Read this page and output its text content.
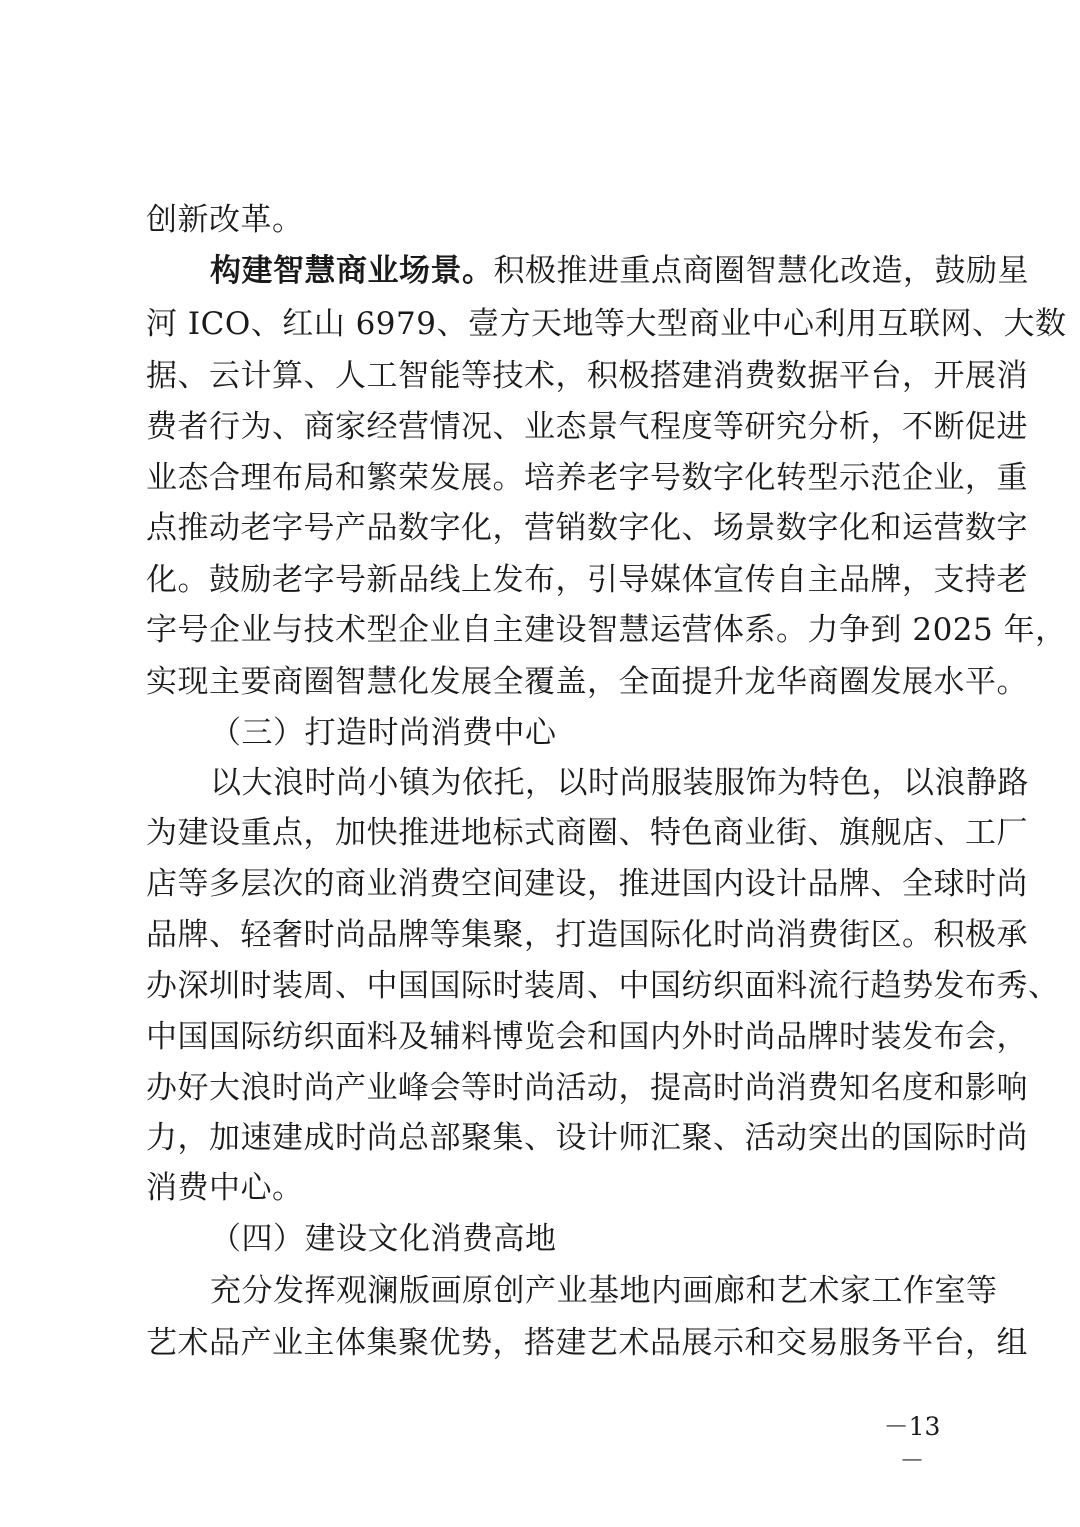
创新改革。
构建智慧商业场景。积极推进重点商圈智慧化改造，鼓励星
河 ICO、红山 6979、壹方天地等大型商业中心利用互联网、大数
据、云计算、人工智能等技术，积极搭建消费数据平台，开展消
费者行为、商家经营情况、业态景气程度等研究分析，不断促进
业态合理布局和繁荣发展。培养老字号数字化转型示范企业，重
点推动老字号产品数字化，营销数字化、场景数字化和运营数字
化。鼓励老字号新品线上发布，引导媒体宣传自主品牌，支持老
字号企业与技术型企业自主建设智慧运营体系。力争到 2025 年，
实现主要商圈智慧化发展全覆盖，全面提升龙华商圈发展水平。
（三）打造时尚消费中心
以大浪时尚小镇为依托，以时尚服装服饰为特色，以浪静路
为建设重点，加快推进地标式商圈、特色商业街、旗舰店、工厂
店等多层次的商业消费空间建设，推进国内设计品牌、全球时尚
品牌、轻奢时尚品牌等集聚，打造国际化时尚消费街区。积极承
办深圳时装周、中国国际时装周、中国纺织面料流行趋势发布秀、
中国国际纺织面料及辅料博览会和国内外时尚品牌时装发布会，
办好大浪时尚产业峰会等时尚活动，提高时尚消费知名度和影响
力，加速建成时尚总部聚集、设计师汇聚、活动突出的国际时尚
消费中心。
（四）建设文化消费高地
充分发挥观澜版画原创产业基地内画廊和艺术家工作室等
艺术品产业主体集聚优势，搭建艺术品展示和交易服务平台，组
－13－
